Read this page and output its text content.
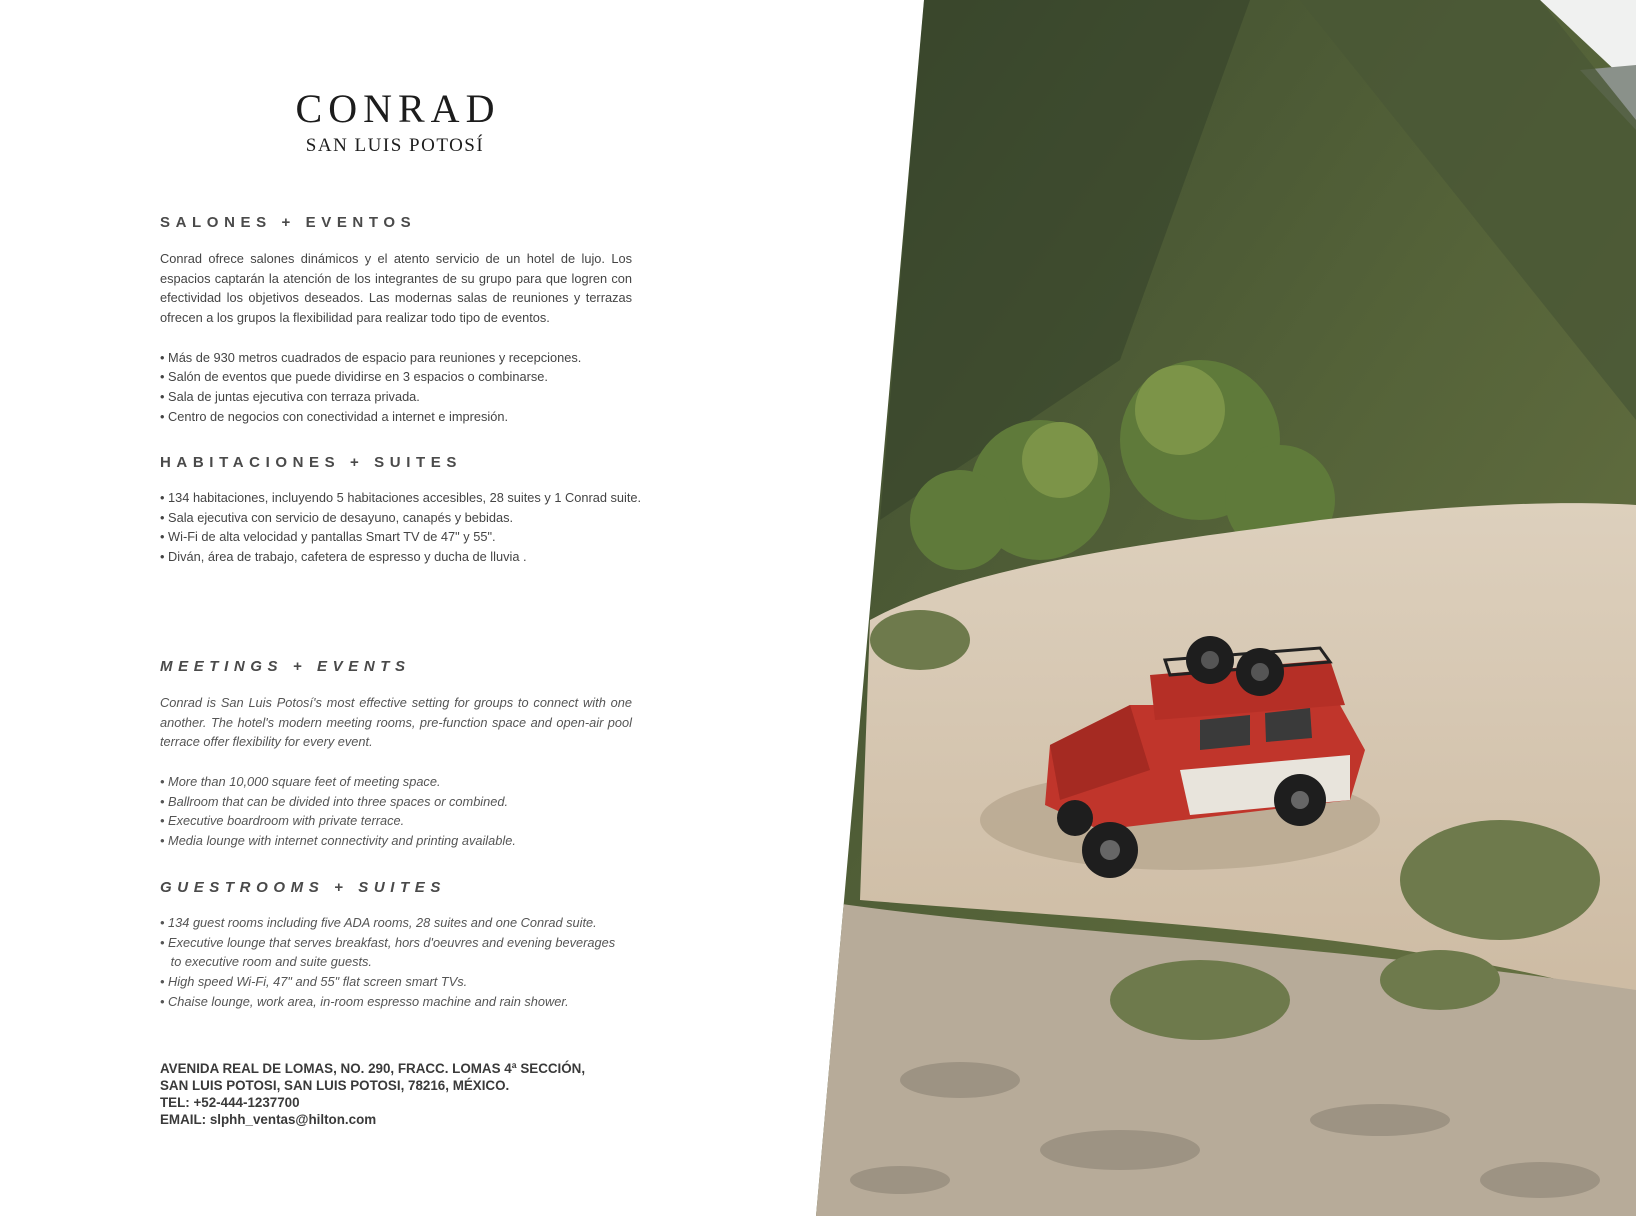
CONRAD
SAN LUIS POTOSÍ
SALONES + EVENTOS
Conrad ofrece salones dinámicos y el atento servicio de un hotel de lujo. Los espacios captarán la atención de los integrantes de su grupo para que logren con efectividad los objetivos deseados. Las modernas salas de reuniones y terrazas ofrecen a los grupos la flexibilidad para realizar todo tipo de eventos.
• Más de 930 metros cuadrados de espacio para reuniones y recepciones.
• Salón de eventos que puede dividirse en 3 espacios o combinarse.
• Sala de juntas ejecutiva con terraza privada.
• Centro de negocios con conectividad a internet e impresión.
HABITACIONES + SUITES
• 134 habitaciones, incluyendo 5 habitaciones accesibles, 28 suites y 1 Conrad suite.
• Sala ejecutiva con servicio de desayuno, canapés y bebidas.
• Wi-Fi de alta velocidad y pantallas Smart TV de 47" y 55".
• Diván, área de trabajo, cafetera de espresso y ducha de lluvia .
MEETINGS + EVENTS
Conrad is San Luis Potosí's most effective setting for groups to connect with one another. The hotel's modern meeting rooms, pre-function space and open-air pool terrace offer flexibility for every event.
• More than 10,000 square feet of meeting space.
• Ballroom that can be divided into three spaces or combined.
• Executive boardroom with private terrace.
• Media lounge with internet connectivity and printing available.
GUESTROOMS + SUITES
• 134 guest rooms including five ADA rooms, 28 suites and one Conrad suite.
• Executive lounge that serves breakfast, hors d'oeuvres and evening beverages
to executive room and suite guests.
• High speed Wi-Fi, 47" and 55" flat screen smart TVs.
• Chaise lounge, work area, in-room espresso machine and rain shower.
AVENIDA REAL DE LOMAS, NO. 290, FRACC. LOMAS 4ª SECCIÓN,
SAN LUIS POTOSI, SAN LUIS POTOSI, 78216, MÉXICO.
TEL: +52-444-1237700
EMAIL: slphh_ventas@hilton.com
